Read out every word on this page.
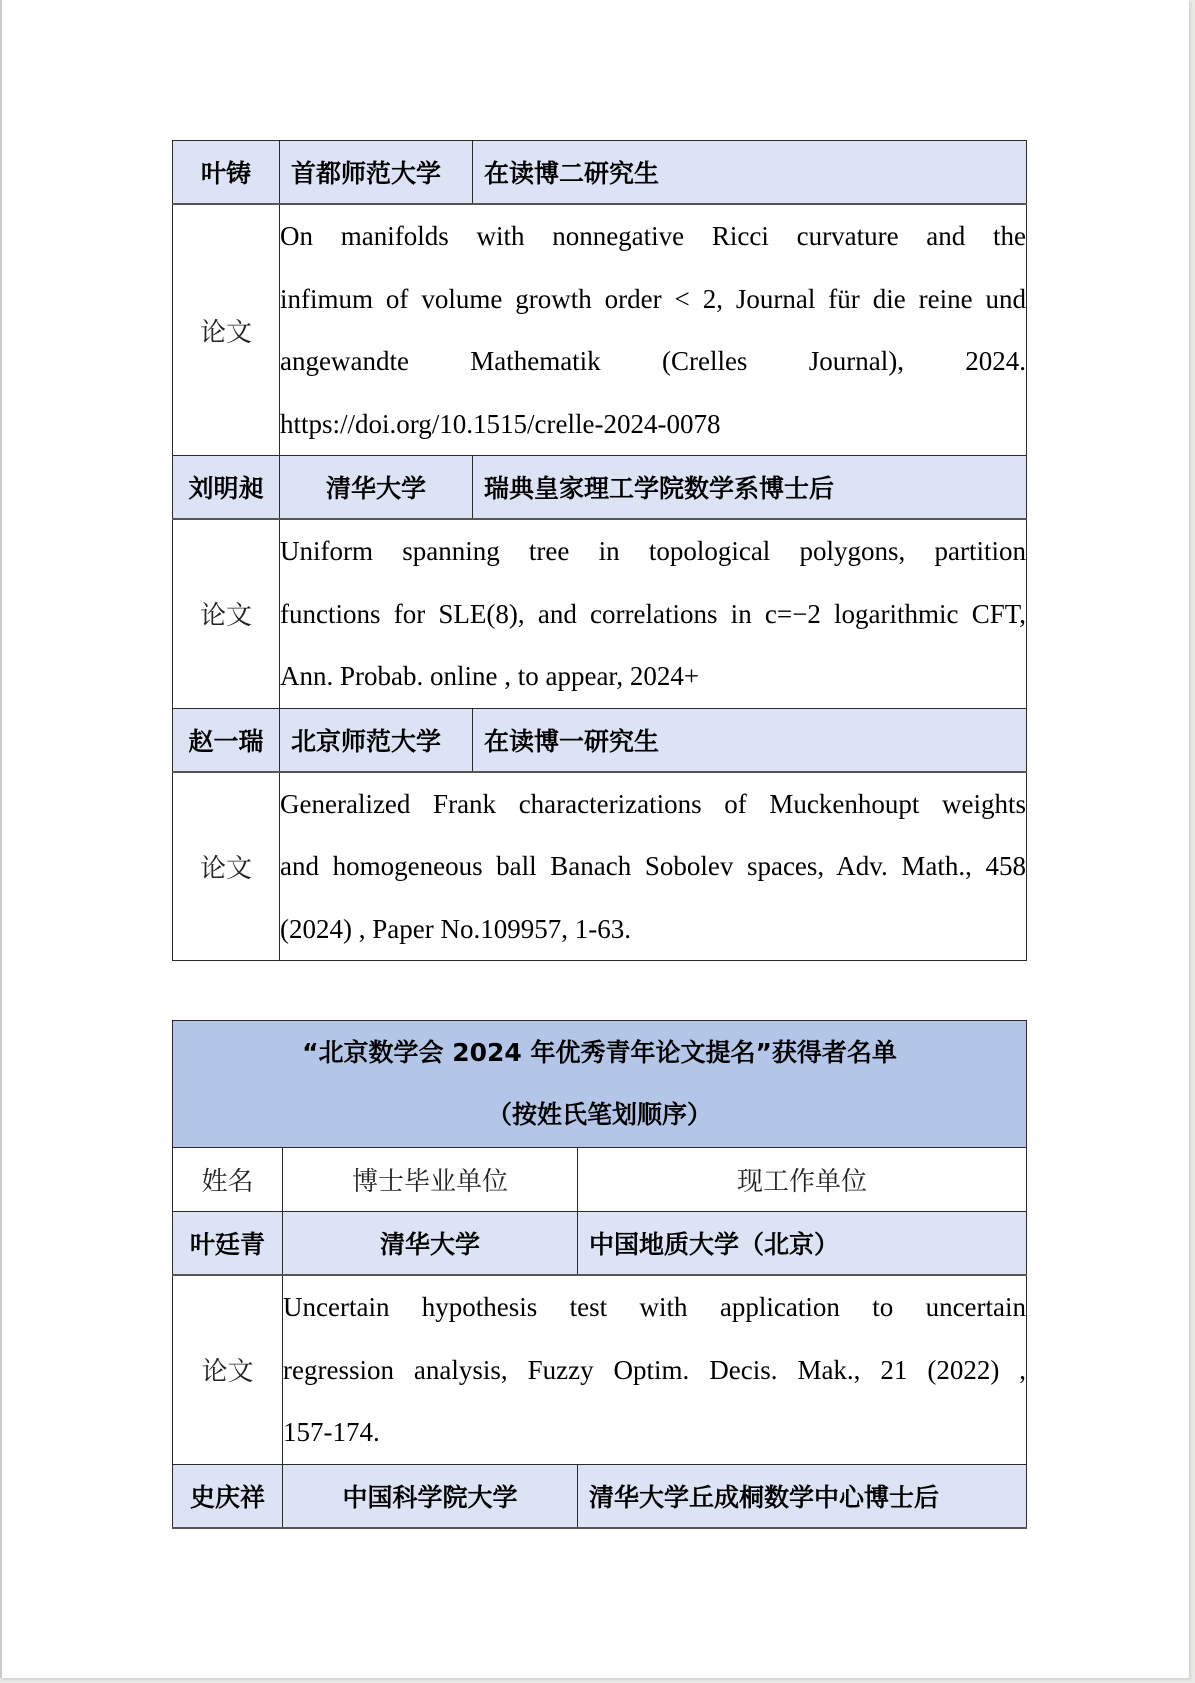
叶铸	首都师范大学	在读博二研究生
论文	On manifolds with nonnegative Ricci curvature and the
infimum of volume growth order < 2, Journal für die reine und
angewandte Mathematik (Crelles Journal), 2024.
https://doi.org/10.1515/crelle-2024-0078	

刘明昶	清华大学	瑞典皇家理工学院数学系博士后
论文	Uniform spanning tree in topological polygons, partition
functions for SLE(8), and correlations in c=−2 logarithmic CFT,
Ann. Probab. online , to appear, 2024+	

赵一瑞	北京师范大学	在读博一研究生
论文	Generalized Frank characterizations of Muckenhoupt weights
and homogeneous ball Banach Sobolev spaces, Adv. Math., 458
(2024) , Paper No.109957, 1-63.	
“北京数学会 2024 年优秀青年论文提名”获得者名单
（按姓氏笔划顺序）		

姓名	博士毕业单位	现工作单位
叶廷青	清华大学	中国地质大学（北京）
论文	Uncertain hypothesis test with application to uncertain
regression analysis, Fuzzy Optim. Decis. Mak., 21 (2022) ,
157-174.	

史庆祥	中国科学院大学	清华大学丘成桐数学中心博士后
